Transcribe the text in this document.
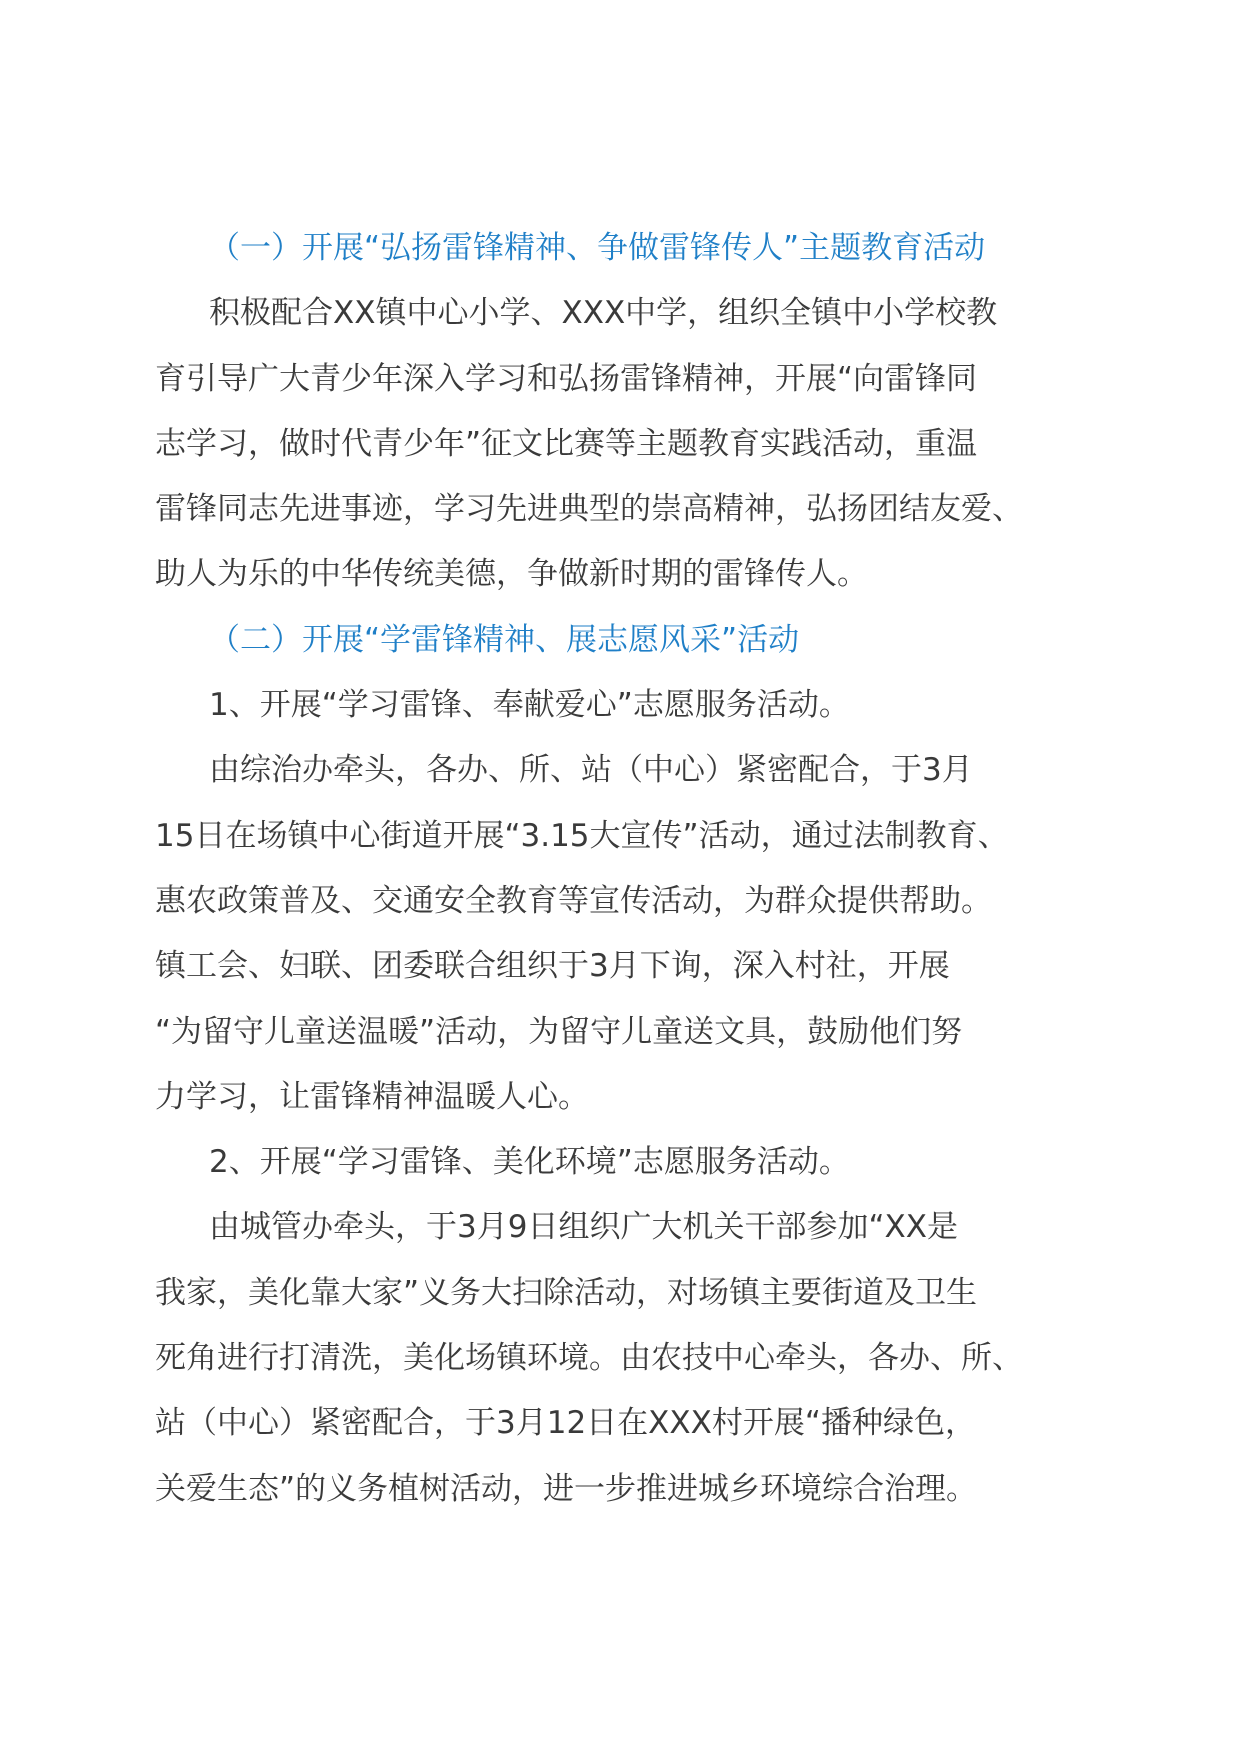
（一）开展“弘扬雷锋精神、争做雷锋传人”主题教育活动
积极配合XX镇中心小学、XXX中学，组织全镇中小学校教
育引导广大青少年深入学习和弘扬雷锋精神，开展“向雷锋同
志学习，做时代青少年”征文比赛等主题教育实践活动，重温
雷锋同志先进事迹，学习先进典型的崇高精神，弘扬团结友爱、
助人为乐的中华传统美德，争做新时期的雷锋传人。
（二）开展“学雷锋精神、展志愿风采”活动
1、开展“学习雷锋、奉献爱心”志愿服务活动。
由综治办牵头，各办、所、站（中心）紧密配合，于3月
15日在场镇中心街道开展“3.15大宣传”活动，通过法制教育、
惠农政策普及、交通安全教育等宣传活动，为群众提供帮助。
镇工会、妇联、团委联合组织于3月下询，深入村社，开展
“为留守儿童送温暖”活动，为留守儿童送文具，鼓励他们努
力学习，让雷锋精神温暖人心。
2、开展“学习雷锋、美化环境”志愿服务活动。
由城管办牵头，于3月9日组织广大机关干部参加“XX是
我家，美化靠大家”义务大扫除活动，对场镇主要街道及卫生
死角进行打清洗，美化场镇环境。由农技中心牵头，各办、所、
站（中心）紧密配合，于3月12日在XXX村开展“播种绿色，
关爱生态”的义务植树活动，进一步推进城乡环境综合治理。
